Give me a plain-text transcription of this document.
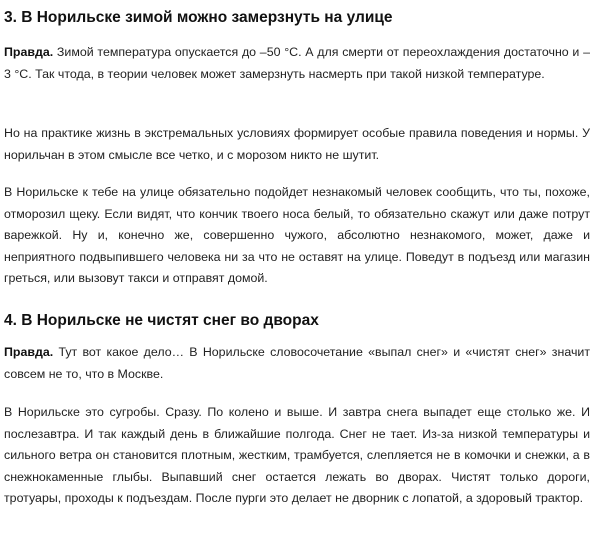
3. В Норильске зимой можно замерзнуть на улице

Правда. Зимой температура опускается до –50 °С. А для смерти от переохлаждения достаточно и –3 °С. Так чтода, в теории человек может замерзнуть насмерть при такой низкой температуре.

Но на практике жизнь в экстремальных условиях формирует особые правила поведения и нормы. У норильчан в этом смысле все четко, и с морозом никто не шутит.

В Норильске к тебе на улице обязательно подойдет незнакомый человек сообщить, что ты, похоже, отморозил щеку. Если видят, что кончик твоего носа белый, то обязательно скажут или даже потрут варежкой. Ну и, конечно же, совершенно чужого, абсолютно незнакомого, может, даже и неприятного подвыпившего человека ни за что не оставят на улице. Поведут в подъезд или магазин греться, или вызовут такси и отправят домой.

4. В Норильске не чистят снег во дворах

Правда. Тут вот какое дело… В Норильске словосочетание «выпал снег» и «чистят снег» значит совсем не то, что в Москве.

В Норильске это сугробы. Сразу. По колено и выше. И завтра снега выпадет еще столько же. И послезавтра. И так каждый день в ближайшие полгода. Снег не тает. Из-за низкой температуры и сильного ветра он становится плотным, жестким, трамбуется, слепляется не в комочки и снежки, а в снежнокаменные глыбы. Выпавший снег остается лежать во дворах. Чистят только дороги, тротуары, проходы к подъездам. После пурги это делает не дворник с лопатой, а здоровый трактор.
